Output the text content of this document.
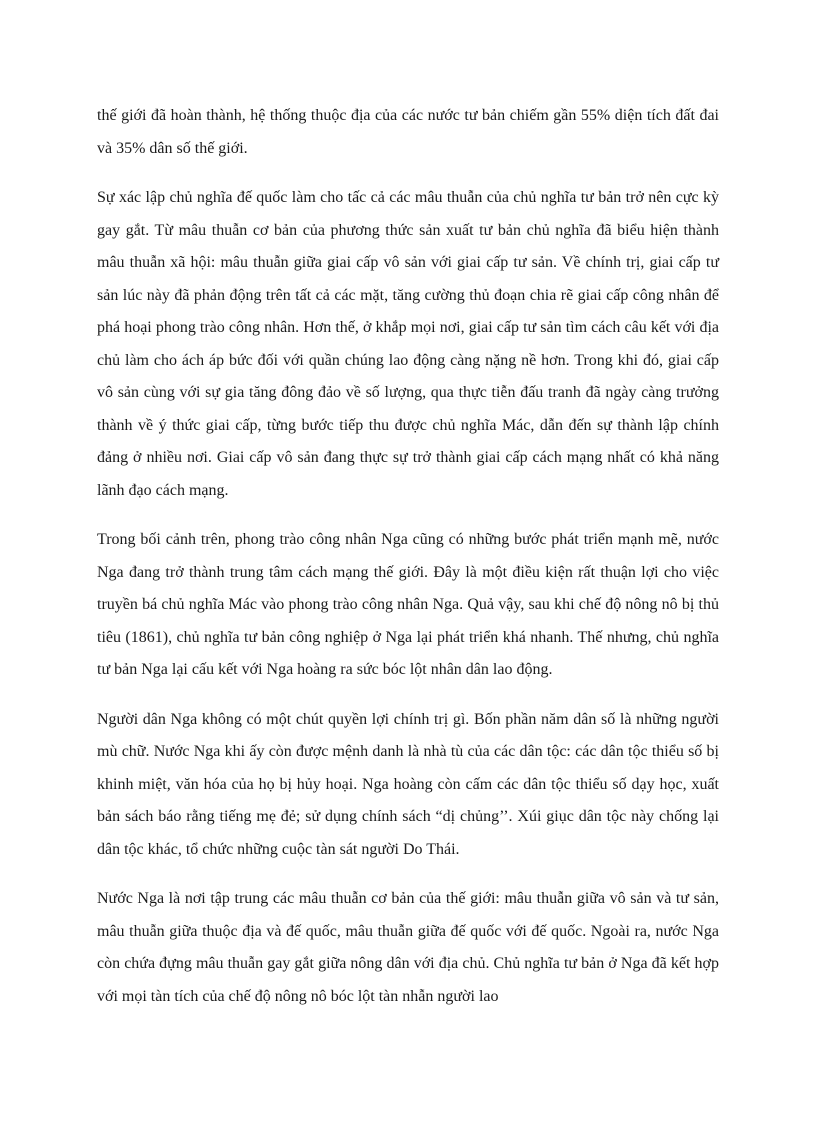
thế giới đã hoàn thành, hệ thống thuộc địa của các nước tư bản chiếm gần 55% diện tích đất đai và 35% dân số thế giới.

Sự xác lập chủ nghĩa đế quốc làm cho tấc cả các mâu thuẫn của chủ nghĩa tư bản trở nên cực kỳ gay gắt. Từ mâu thuẫn cơ bản của phương thức sản xuất tư bản chủ nghĩa đã biểu hiện thành mâu thuẫn xã hội: mâu thuẫn giữa giai cấp vô sản với giai cấp tư sản. Về chính trị, giai cấp tư sản lúc này đã phản động trên tất cả các mặt, tăng cường thủ đoạn chia rẽ giai cấp công nhân để phá hoại phong trào công nhân. Hơn thế, ở khắp mọi nơi, giai cấp tư sản tìm cách câu kết với địa chủ làm cho ách áp bức đối với quần chúng lao động càng nặng nề hơn. Trong khi đó, giai cấp vô sản cùng với sự gia tăng đông đảo về số lượng, qua thực tiễn đấu tranh đã ngày càng trưởng thành về ý thức giai cấp, từng bước tiếp thu được chủ nghĩa Mác, dẫn đến sự thành lập chính đảng ở nhiều nơi. Giai cấp vô sản đang thực sự trở thành giai cấp cách mạng nhất có khả năng lãnh đạo cách mạng.

Trong bối cảnh trên, phong trào công nhân Nga cũng có những bước phát triển mạnh mẽ, nước Nga đang trở thành trung tâm cách mạng thế giới. Đây là một điều kiện rất thuận lợi cho việc truyền bá chủ nghĩa Mác vào phong trào công nhân Nga. Quả vậy, sau khi chế độ nông nô bị thủ tiêu (1861), chủ nghĩa tư bản công nghiệp ở Nga lại phát triển khá nhanh. Thế nhưng, chủ nghĩa tư bản Nga lại cấu kết với Nga hoàng ra sức bóc lột nhân dân lao động.

Người dân Nga không có một chút quyền lợi chính trị gì. Bốn phần năm dân số là những người mù chữ. Nước Nga khi ấy còn được mệnh danh là nhà tù của các dân tộc: các dân tộc thiểu số bị khinh miệt, văn hóa của họ bị hủy hoại. Nga hoàng còn cấm các dân tộc thiểu số dạy học, xuất bản sách báo rằng tiếng mẹ đẻ; sử dụng chính sách “dị chủng’’. Xúi giục dân tộc này chống lại dân tộc khác, tổ chức những cuộc tàn sát người Do Thái.

Nước Nga là nơi tập trung các mâu thuẫn cơ bản của thế giới: mâu thuẫn giữa vô sản và tư sản, mâu thuẫn giữa thuộc địa và đế quốc, mâu thuẫn giữa đế quốc với đế quốc. Ngoài ra, nước Nga còn chứa đựng mâu thuẫn gay gắt giữa nông dân với địa chủ. Chủ nghĩa tư bản ở Nga đã kết hợp với mọi tàn tích của chế độ nông nô bóc lột tàn nhẫn người lao
